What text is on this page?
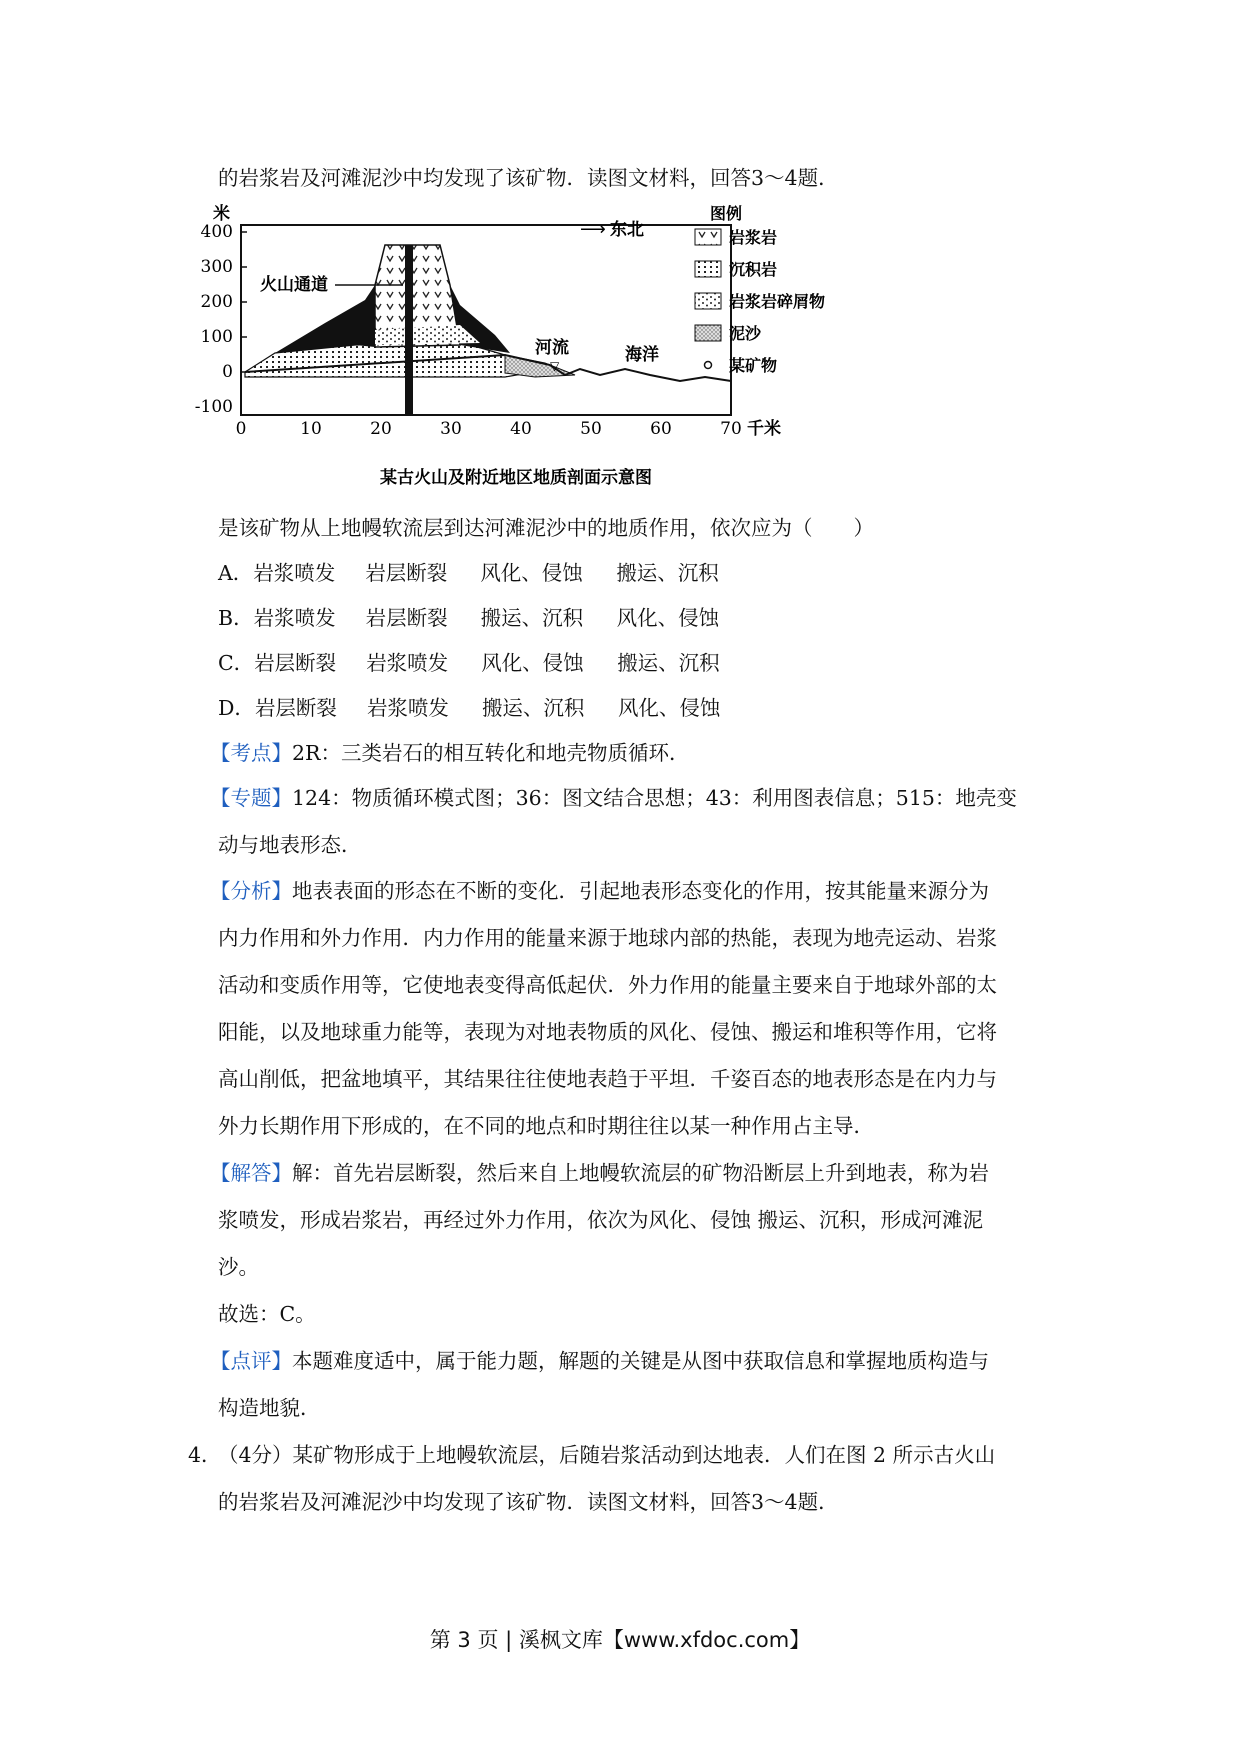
的岩浆岩及河滩泥沙中均发现了该矿物．读图文材料，回答3～4题．
米
400
300
200
100
0
-100
0	10	20	30	40	50	60	70 千米
⟶ 东北
火山通道
河流
▽
海洋
图例
岩浆岩
沉积岩
岩浆岩碎屑物
泥沙
某矿物
某古火山及附近地区地质剖面示意图
是该矿物从上地幔软流层到达河滩泥沙中的地质作用，依次应为（　　）
A．岩浆喷发 岩层断裂 风化、侵蚀 搬运、沉积
B．岩浆喷发 岩层断裂 搬运、沉积 风化、侵蚀
C．岩层断裂 岩浆喷发 风化、侵蚀 搬运、沉积
D．岩层断裂 岩浆喷发 搬运、沉积 风化、侵蚀
【考点】2R：三类岩石的相互转化和地壳物质循环．
【专题】124：物质循环模式图；36：图文结合思想；43：利用图表信息；515：地壳变
动与地表形态．
【分析】地表表面的形态在不断的变化．引起地表形态变化的作用，按其能量来源分为
内力作用和外力作用．内力作用的能量来源于地球内部的热能，表现为地壳运动、岩浆
活动和变质作用等，它使地表变得高低起伏．外力作用的能量主要来自于地球外部的太
阳能，以及地球重力能等，表现为对地表物质的风化、侵蚀、搬运和堆积等作用，它将
高山削低，把盆地填平，其结果往往使地表趋于平坦．千姿百态的地表形态是在内力与
外力长期作用下形成的，在不同的地点和时期往往以某一种作用占主导．
【解答】解：首先岩层断裂，然后来自上地幔软流层的矿物沿断层上升到地表，称为岩
浆喷发，形成岩浆岩，再经过外力作用，依次为风化、侵蚀 搬运、沉积，形成河滩泥
沙。
故选：C。
【点评】本题难度适中，属于能力题，解题的关键是从图中获取信息和掌握地质构造与
构造地貌．
4．
（4分）某矿物形成于上地幔软流层，后随岩浆活动到达地表．人们在图 2 所示古火山
的岩浆岩及河滩泥沙中均发现了该矿物．读图文材料，回答3～4题．
第 3 页 | 溪枫文库【www.xfdoc.com】
